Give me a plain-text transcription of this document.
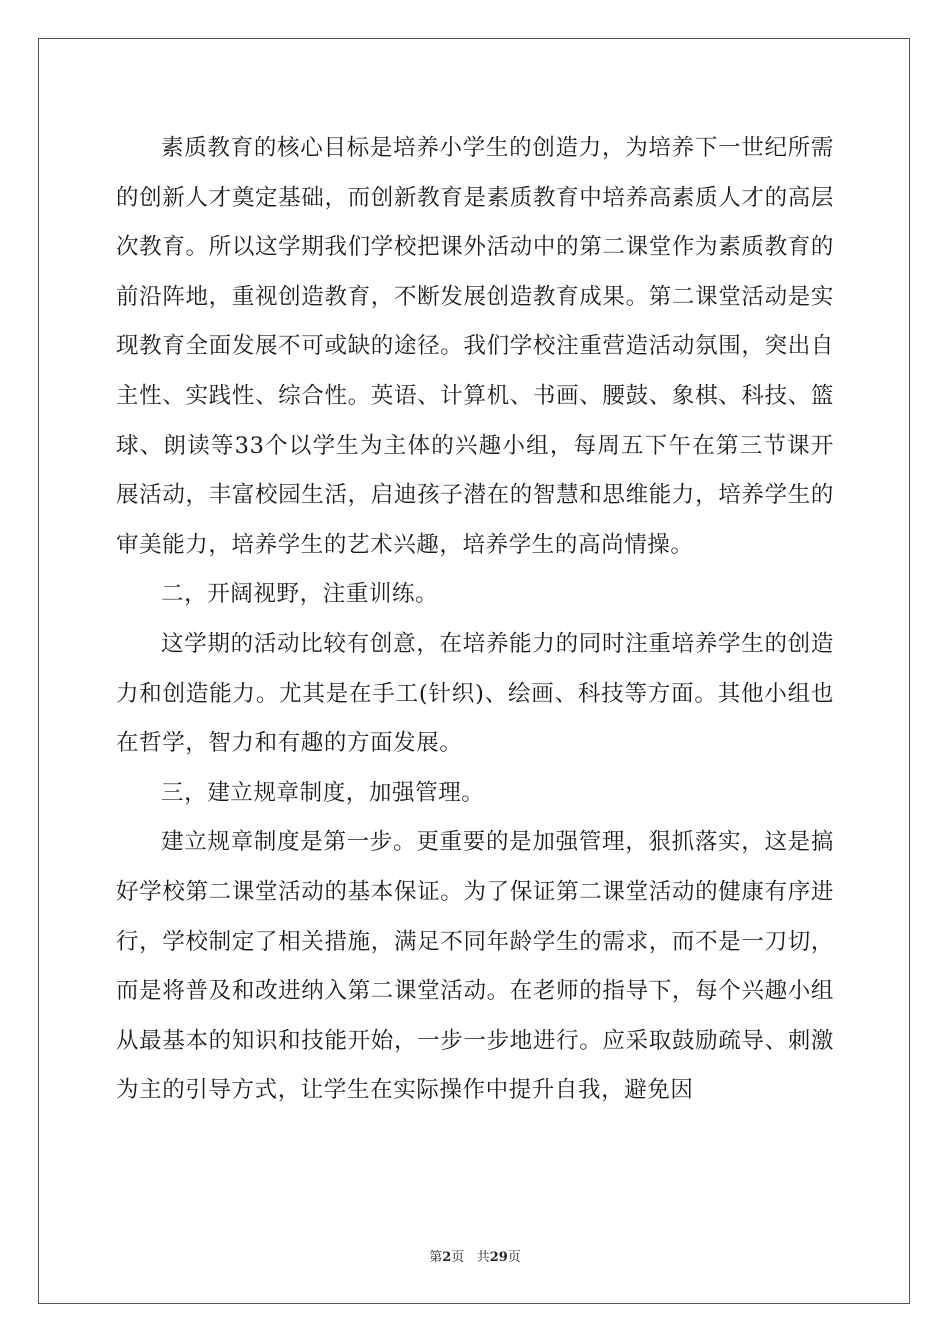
素质教育的核心目标是培养小学生的创造力，为培养下一世纪所需的创新人才奠定基础，而创新教育是素质教育中培养高素质人才的高层次教育。所以这学期我们学校把课外活动中的第二课堂作为素质教育的前沿阵地，重视创造教育，不断发展创造教育成果。第二课堂活动是实现教育全面发展不可或缺的途径。我们学校注重营造活动氛围，突出自主性、实践性、综合性。英语、计算机、书画、腰鼓、象棋、科技、篮球、朗读等33个以学生为主体的兴趣小组，每周五下午在第三节课开展活动，丰富校园生活，启迪孩子潜在的智慧和思维能力，培养学生的审美能力，培养学生的艺术兴趣，培养学生的高尚情操。

二，开阔视野，注重训练。

这学期的活动比较有创意，在培养能力的同时注重培养学生的创造力和创造能力。尤其是在手工(针织)、绘画、科技等方面。其他小组也在哲学，智力和有趣的方面发展。

三，建立规章制度，加强管理。

建立规章制度是第一步。更重要的是加强管理，狠抓落实，这是搞好学校第二课堂活动的基本保证。为了保证第二课堂活动的健康有序进行，学校制定了相关措施，满足不同年龄学生的需求，而不是一刀切，而是将普及和改进纳入第二课堂活动。在老师的指导下，每个兴趣小组从最基本的知识和技能开始，一步一步地进行。应采取鼓励疏导、刺激为主的引导方式，让学生在实际操作中提升自我，避免因

第2页 共29页
